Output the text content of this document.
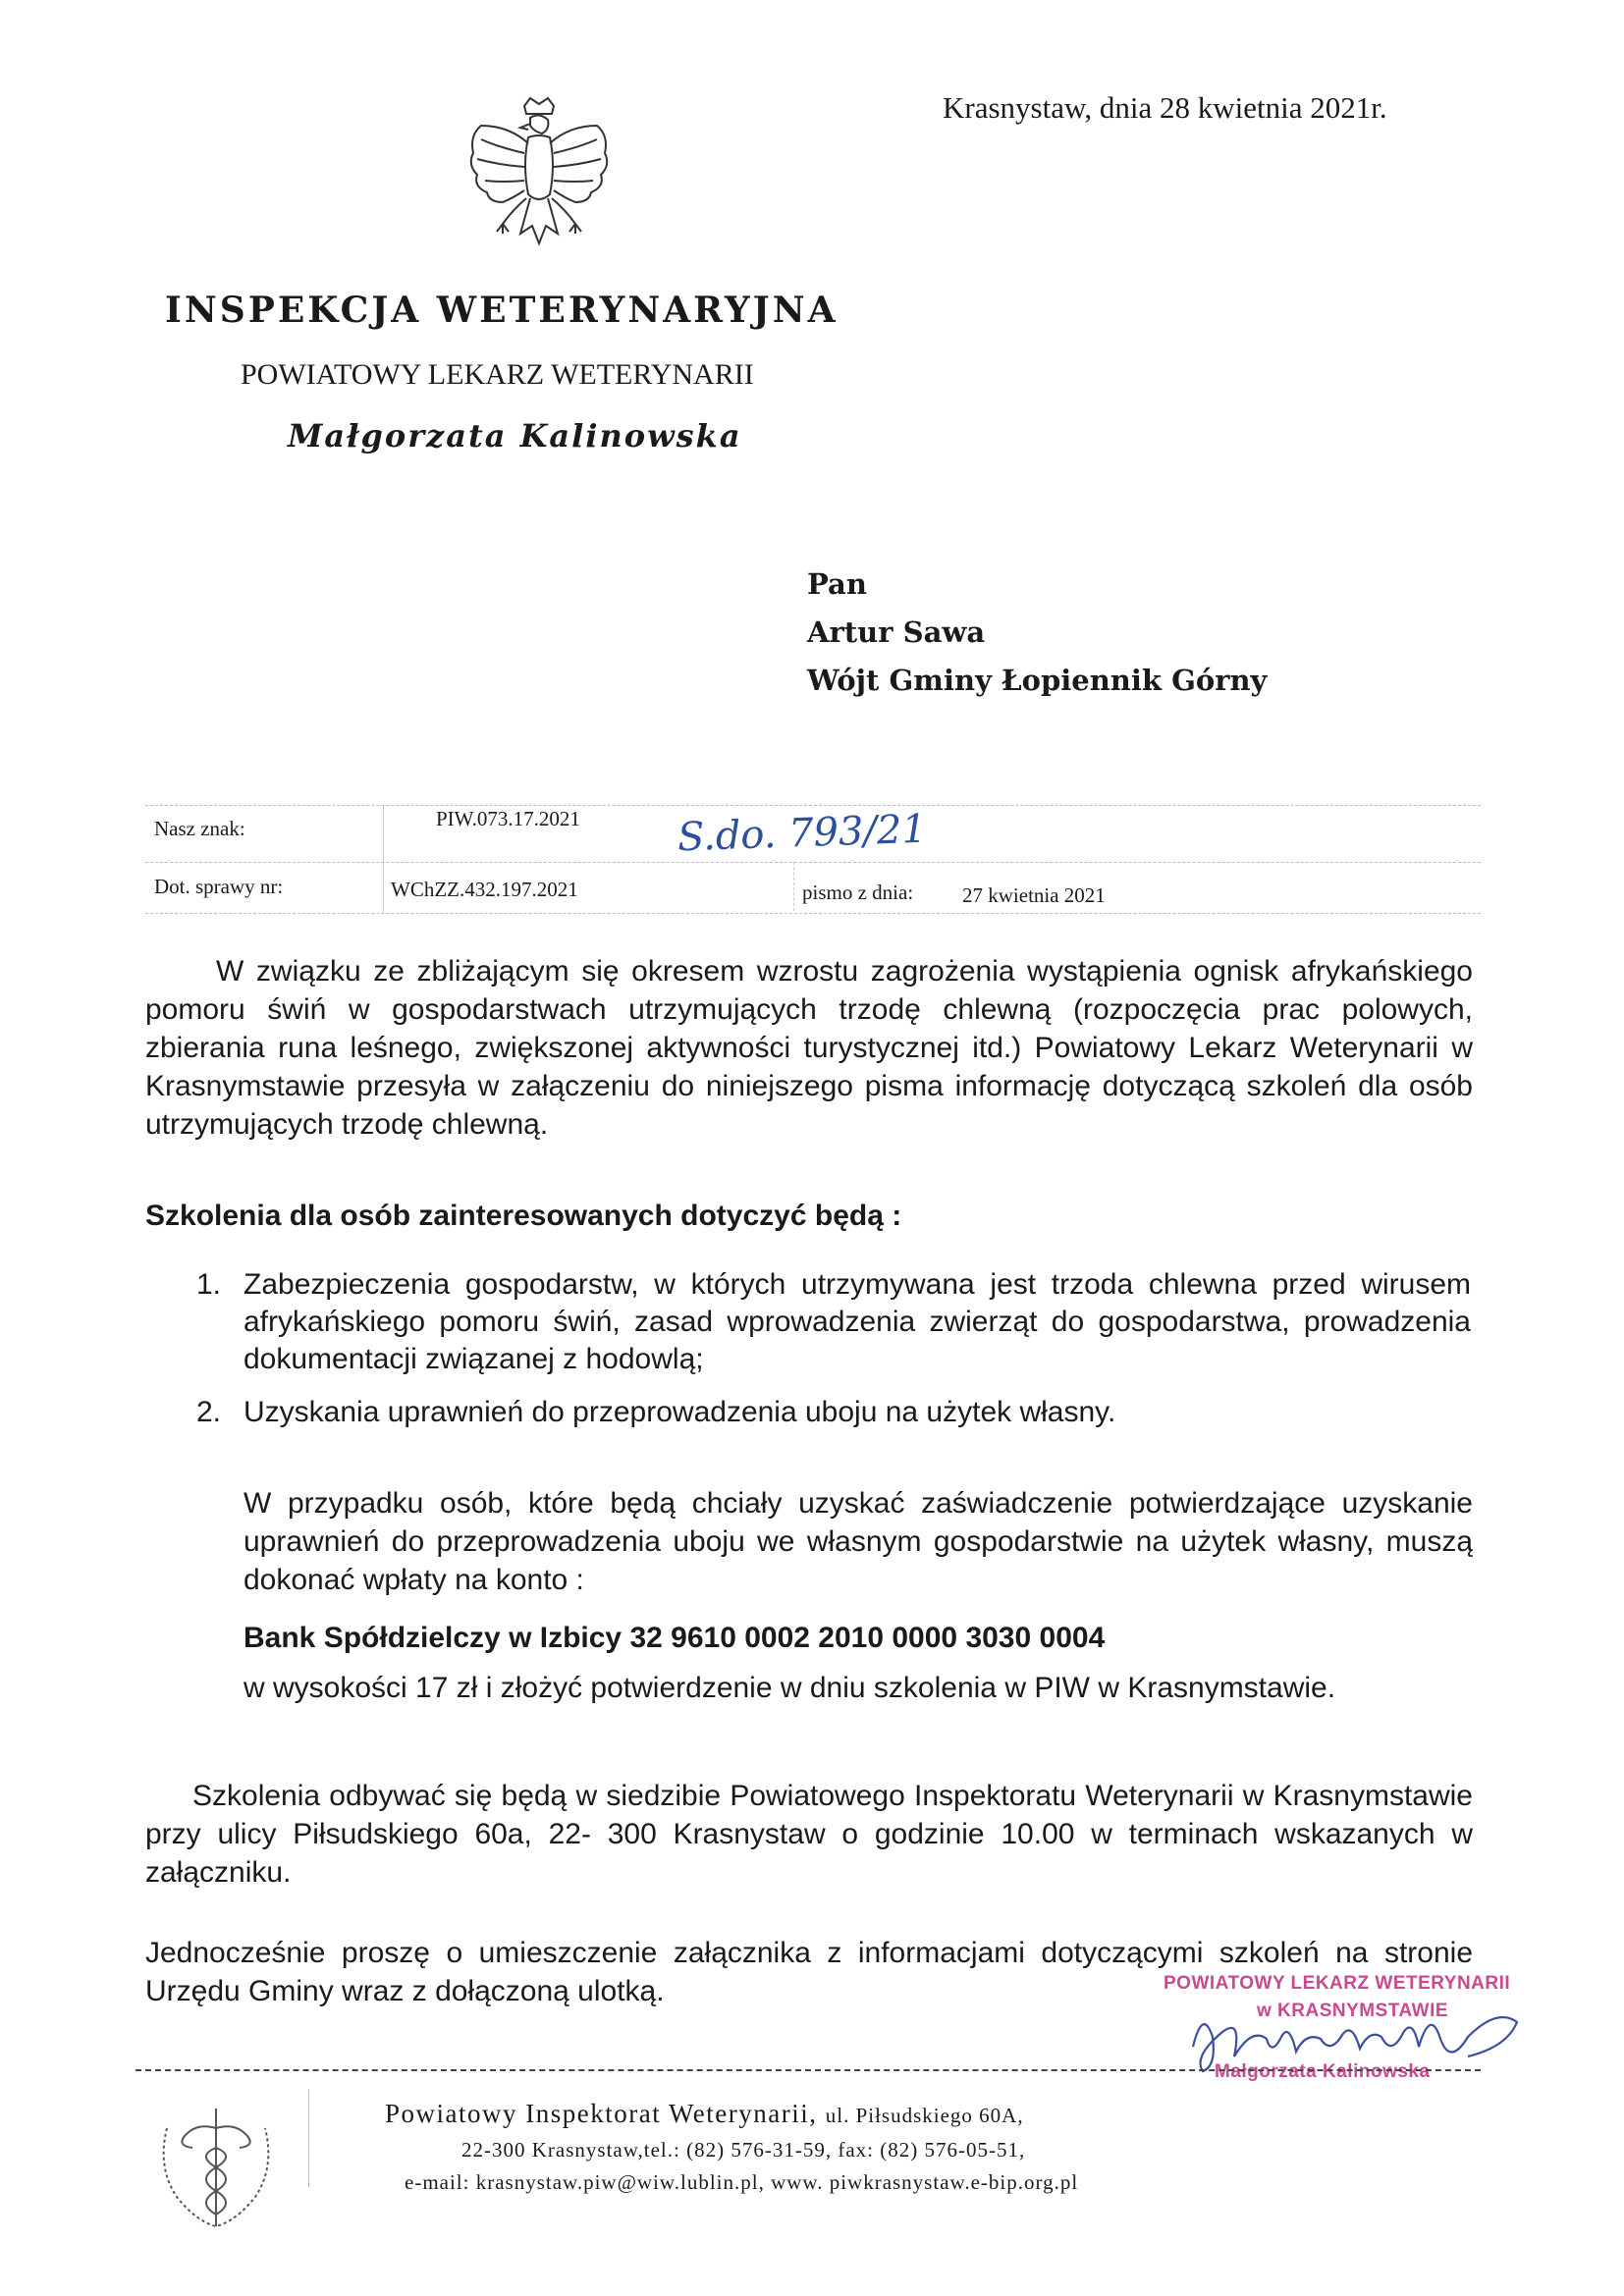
Krasnystaw, dnia 28 kwietnia 2021r.
INSPEKCJA WETERYNARYJNA
POWIATOWY LEKARZ WETERYNARII
Małgorzata Kalinowska
Pan
Artur Sawa
Wójt Gminy Łopiennik Górny
Nasz znak:	PIW.073.17.2021 S.do. 793/21
Dot. sprawy nr:	WChZZ.432.197.2021	pismo z dnia: 27 kwietnia 2021
W związku ze zbliżającym się okresem wzrostu zagrożenia wystąpienia ognisk afrykańskiego pomoru świń w gospodarstwach utrzymujących trzodę chlewną (rozpoczęcia prac polowych, zbierania runa leśnego, zwiększonej aktywności turystycznej itd.) Powiatowy Lekarz Weterynarii w Krasnymstawie przesyła w załączeniu do niniejszego pisma informację dotyczącą szkoleń dla osób utrzymujących trzodę chlewną.
Szkolenia dla osób zainteresowanych dotyczyć będą :
1. Zabezpieczenia gospodarstw, w których utrzymywana jest trzoda chlewna przed wirusem afrykańskiego pomoru świń, zasad wprowadzenia zwierząt do gospodarstwa, prowadzenia dokumentacji związanej z hodowlą;
2. Uzyskania uprawnień do przeprowadzenia uboju na użytek własny.
W przypadku osób, które będą chciały uzyskać zaświadczenie potwierdzające uzyskanie uprawnień do przeprowadzenia uboju we własnym gospodarstwie na użytek własny, muszą dokonać wpłaty na konto :
Bank Spółdzielczy w Izbicy 32 9610 0002 2010 0000 3030 0004
w wysokości 17 zł i złożyć potwierdzenie w dniu szkolenia w PIW w Krasnymstawie.
Szkolenia odbywać się będą w siedzibie Powiatowego Inspektoratu Weterynarii w Krasnymstawie przy ulicy Piłsudskiego 60a, 22- 300 Krasnystaw o godzinie 10.00 w terminach wskazanych w załączniku.
Jednocześnie proszę o umieszczenie załącznika z informacjami dotyczącymi szkoleń na stronie Urzędu Gminy wraz z dołączoną ulotką.	POWIATOWY LEKARZ WETERYNARII
w KRASNYMSTAWIE
Małgorzata Kalinowska
Powiatowy Inspektorat Weterynarii, ul. Piłsudskiego 60A,
22-300 Krasnystaw,tel.: (82) 576-31-59, fax: (82) 576-05-51,
e-mail: krasnystaw.piw@wiw.lublin.pl, www. piwkrasnystaw.e-bip.org.pl
